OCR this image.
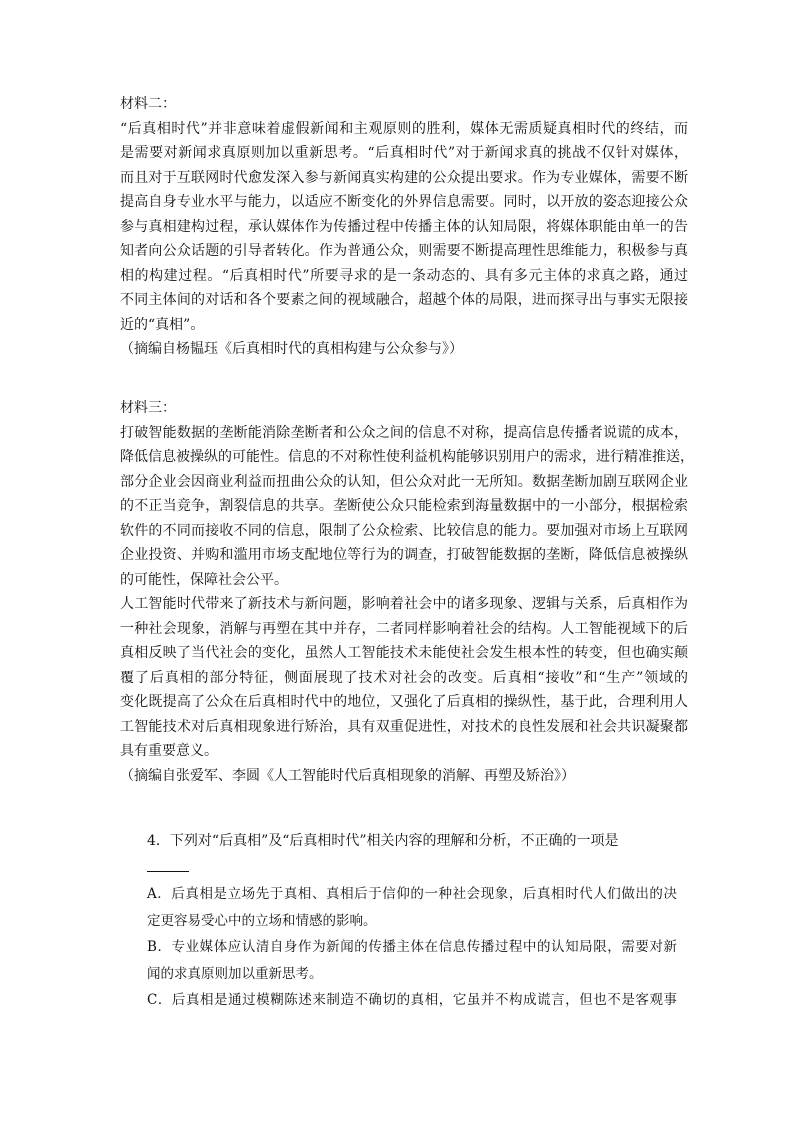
材料二：
“后真相时代”并非意味着虚假新闻和主观原则的胜利，媒体无需质疑真相时代的终结，而
是需要对新闻求真原则加以重新思考。“后真相时代”对于新闻求真的挑战不仅针对媒体，
而且对于互联网时代愈发深入参与新闻真实构建的公众提出要求。作为专业媒体，需要不断
提高自身专业水平与能力，以适应不断变化的外界信息需要。同时，以开放的姿态迎接公众
参与真相建构过程，承认媒体作为传播过程中传播主体的认知局限，将媒体职能由单一的告
知者向公众话题的引导者转化。作为普通公众，则需要不断提高理性思维能力，积极参与真
相的构建过程。“后真相时代”所要寻求的是一条动态的、具有多元主体的求真之路，通过
不同主体间的对话和各个要素之间的视域融合，超越个体的局限，进而探寻出与事实无限接
近的“真相”。
（摘编自杨韫珏《后真相时代的真相构建与公众参与》）
材料三：
打破智能数据的垄断能消除垄断者和公众之间的信息不对称，提高信息传播者说谎的成本，
降低信息被操纵的可能性。信息的不对称性使利益机构能够识别用户的需求，进行精准推送，
部分企业会因商业利益而扭曲公众的认知，但公众对此一无所知。数据垄断加剧互联网企业
的不正当竞争，割裂信息的共享。垄断使公众只能检索到海量数据中的一小部分，根据检索
软件的不同而接收不同的信息，限制了公众检索、比较信息的能力。要加强对市场上互联网
企业投资、并购和滥用市场支配地位等行为的调查，打破智能数据的垄断，降低信息被操纵
的可能性，保障社会公平。
人工智能时代带来了新技术与新问题，影响着社会中的诸多现象、逻辑与关系，后真相作为
一种社会现象，消解与再塑在其中并存，二者同样影响着社会的结构。人工智能视域下的后
真相反映了当代社会的变化，虽然人工智能技术未能使社会发生根本性的转变，但也确实颠
覆了后真相的部分特征，侧面展现了技术对社会的改变。后真相“接收”和“生产”领域的
变化既提高了公众在后真相时代中的地位，又强化了后真相的操纵性，基于此，合理利用人
工智能技术对后真相现象进行矫治，具有双重促进性，对技术的良性发展和社会共识凝聚都
具有重要意义。
（摘编自张爱军、李圆《人工智能时代后真相现象的消解、再塑及矫治》）
4．下列对“后真相”及“后真相时代”相关内容的理解和分析，不正确的一项是
A．后真相是立场先于真相、真相后于信仰的一种社会现象，后真相时代人们做出的决
定更容易受心中的立场和情感的影响。
B．专业媒体应认清自身作为新闻的传播主体在信息传播过程中的认知局限，需要对新
闻的求真原则加以重新思考。
C．后真相是通过模糊陈述来制造不确切的真相，它虽并不构成谎言，但也不是客观事
